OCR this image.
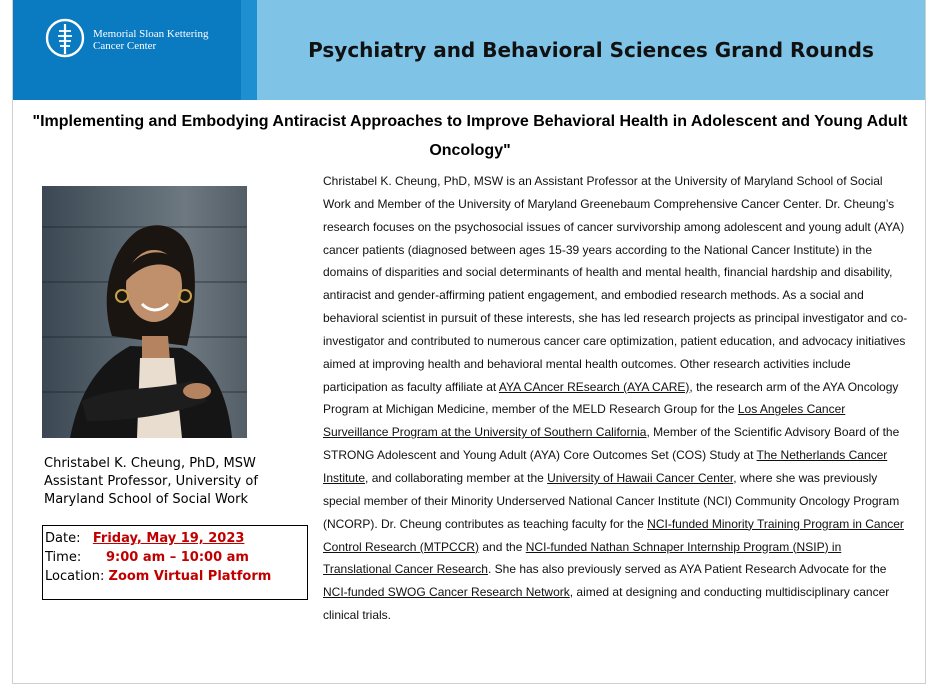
Memorial Sloan Kettering
Cancer Center	Psychiatry and Behavioral Sciences Grand Rounds
"Implementing and Embodying Antiracist Approaches to Improve Behavioral Health in Adolescent and Young Adult Oncology"
Christabel K. Cheung, PhD, MSW
Assistant Professor, University of Maryland School of Social Work
Date: Friday, May 19, 2023
Time: 9:00 am – 10:00 am
Location: Zoom Virtual Platform
Christabel K. Cheung, PhD, MSW is an Assistant Professor at the University of Maryland School of Social Work and Member of the University of Maryland Greenebaum Comprehensive Cancer Center. Dr. Cheung’s research focuses on the psychosocial issues of cancer survivorship among adolescent and young adult (AYA) cancer patients (diagnosed between ages 15-39 years according to the National Cancer Institute) in the domains of disparities and social determinants of health and mental health, financial hardship and disability, antiracist and gender-affirming patient engagement, and embodied research methods. As a social and behavioral scientist in pursuit of these interests, she has led research projects as principal investigator and co-investigator and contributed to numerous cancer care optimization, patient education, and advocacy initiatives aimed at improving health and behavioral mental health outcomes. Other research activities include participation as faculty affiliate at AYA CAncer REsearch (AYA CARE), the research arm of the AYA Oncology Program at Michigan Medicine, member of the MELD Research Group for the Los Angeles Cancer Surveillance Program at the University of Southern California, Member of the Scientific Advisory Board of the STRONG Adolescent and Young Adult (AYA) Core Outcomes Set (COS) Study at The Netherlands Cancer Institute, and collaborating member at the University of Hawaii Cancer Center, where she was previously special member of their Minority Underserved National Cancer Institute (NCI) Community Oncology Program (NCORP). Dr. Cheung contributes as teaching faculty for the NCI-funded Minority Training Program in Cancer Control Research (MTPCCR) and the NCI-funded Nathan Schnaper Internship Program (NSIP) in Translational Cancer Research. She has also previously served as AYA Patient Research Advocate for the NCI-funded SWOG Cancer Research Network, aimed at designing and conducting multidisciplinary cancer clinical trials.
